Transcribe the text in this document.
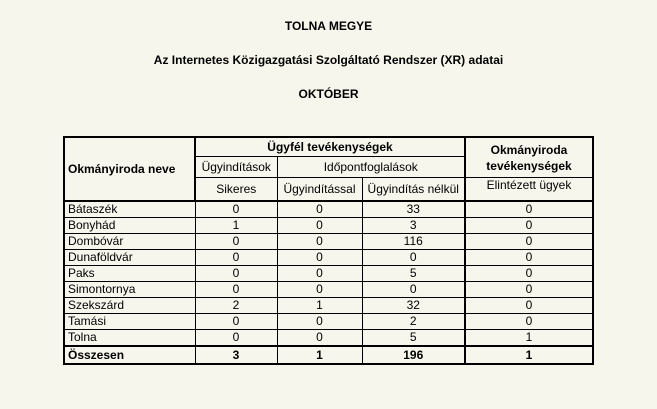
TOLNA MEGYE
Az Internetes Közigazgatási Szolgáltató Rendszer (XR) adatai
OKTÓBER
Okmányiroda neve	Ügyfél tevékenységek			Okmányiroda
tevékenységek
	Ügyindítások	Időpontfoglalások		
	Sikeres	Ügyindítással	Ügyindítás nélkül	Elintézett ügyek
Bátaszék	0	0	33	0
Bonyhád	1	0	3	0
Dombóvár	0	0	116	0
Dunaföldvár	0	0	0	0
Paks	0	0	5	0
Simontornya	0	0	0	0
Szekszárd	2	1	32	0
Tamási	0	0	2	0
Tolna	0	0	5	1
Összesen	3	1	196	1
